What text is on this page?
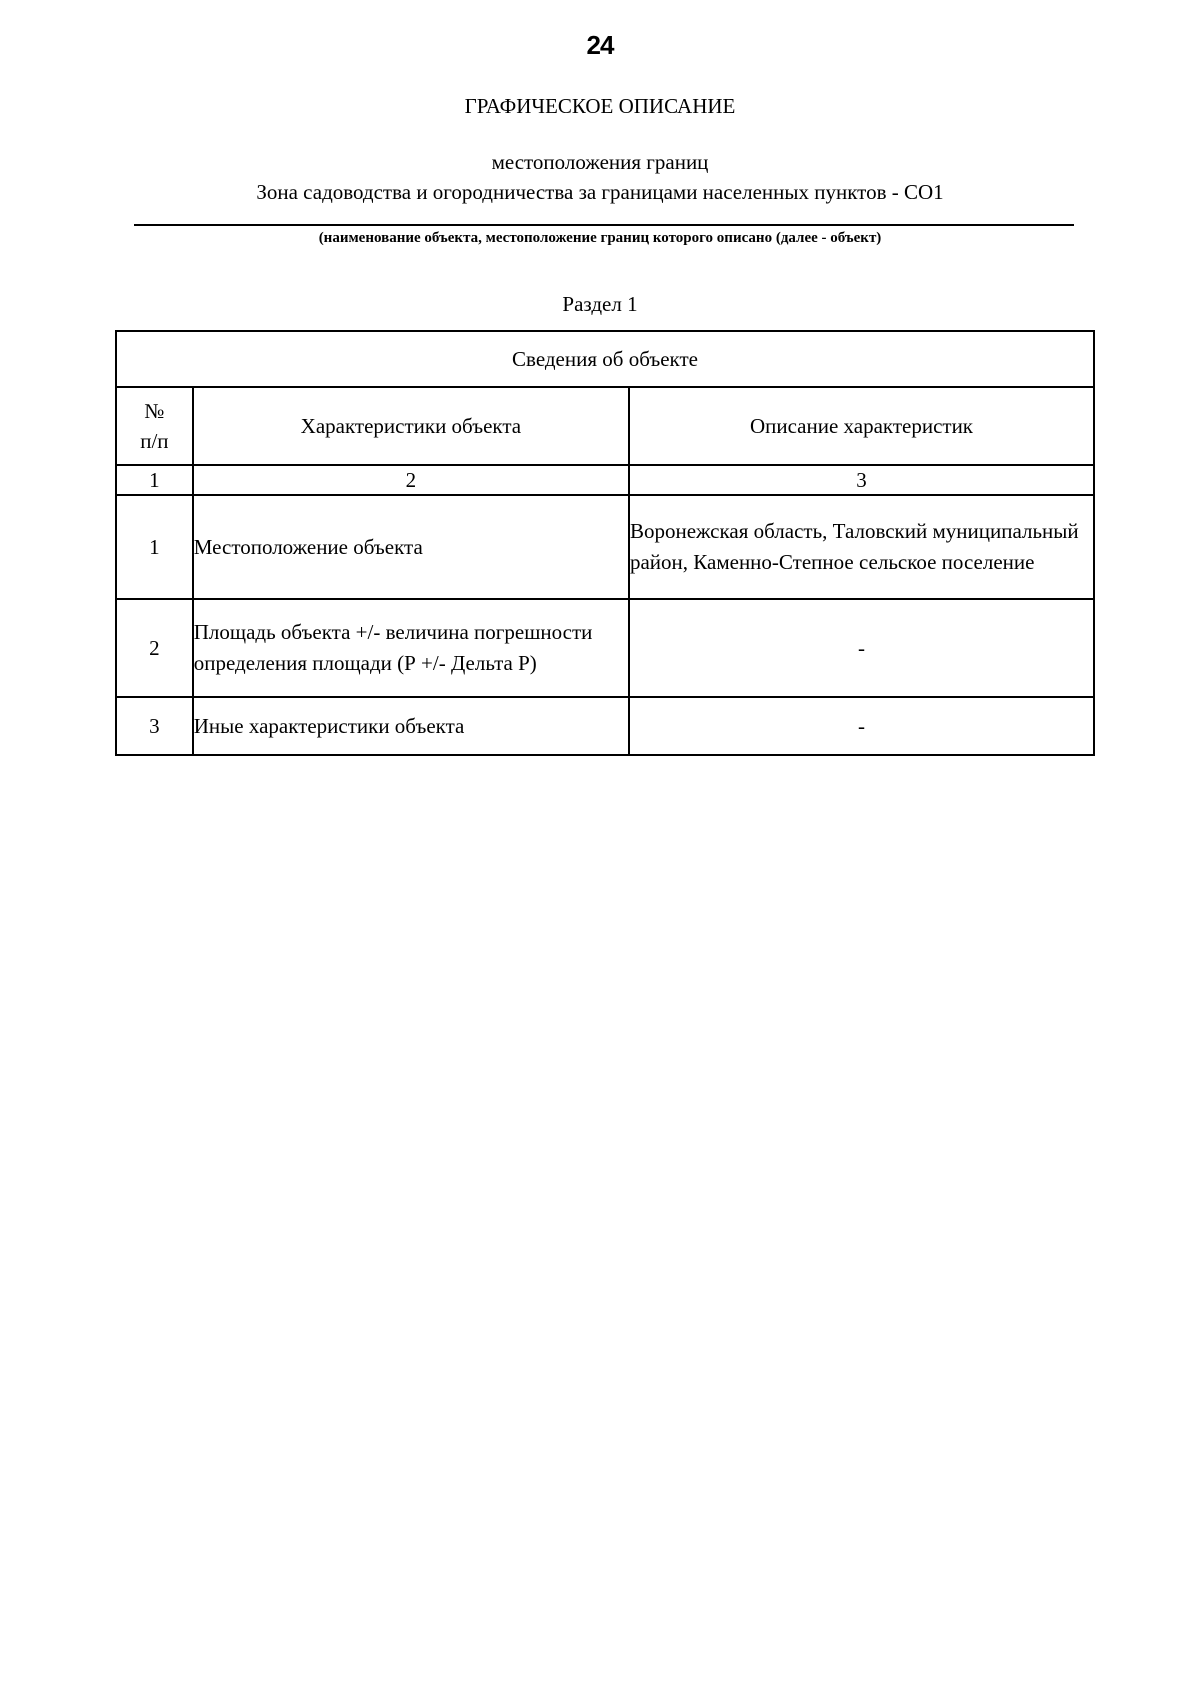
24
ГРАФИЧЕСКОЕ ОПИСАНИЕ
местоположения границ
Зона садоводства и огородничества за границами населенных пунктов - СО1
(наименование объекта, местоположение границ которого описано (далее - объект)
Раздел 1
Сведения об объекте		
№ п/п	Характеристики объекта	Описание характеристик
1	2	3
1	Местоположение объекта	Воронежская область, Таловский муниципальный район, Каменно-Степное сельское поселение
2	Площадь объекта +/- величина погрешности определения площади (Р +/- Дельта Р)	-
3	Иные характеристики объекта	-
